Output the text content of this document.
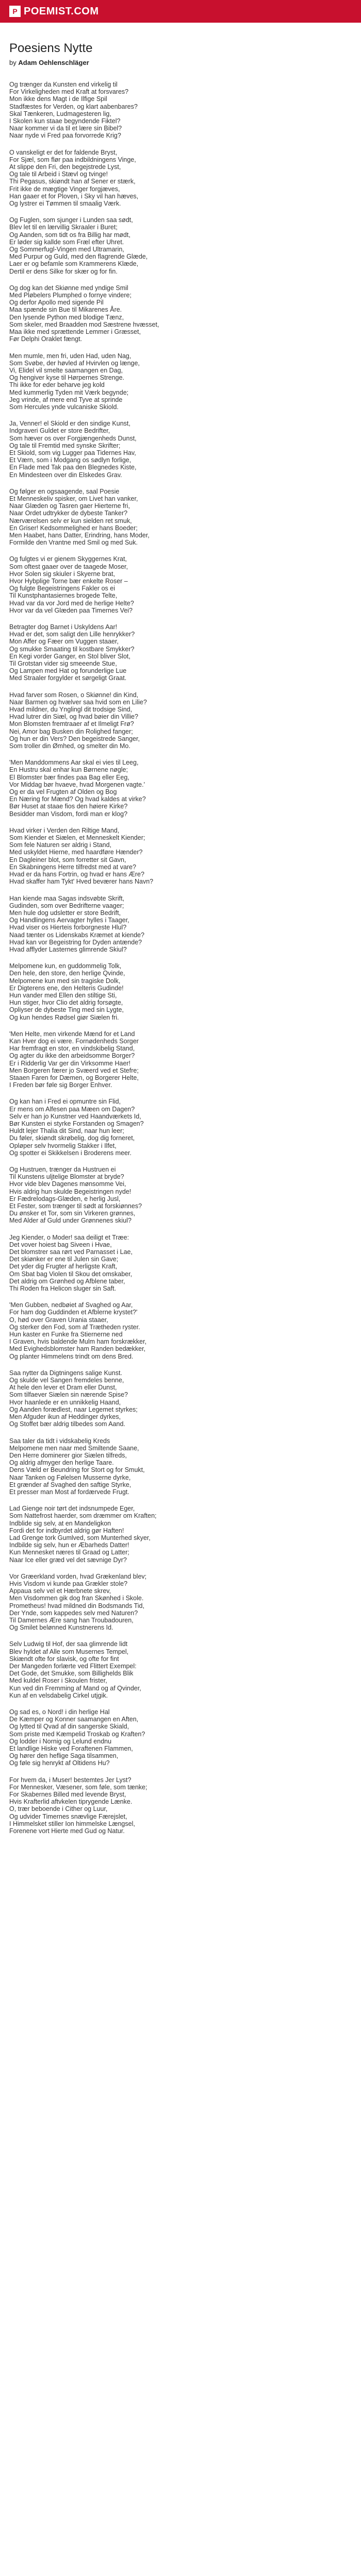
P POEMIST.COM
Poesiens Nytte
by Adam Oehlenschläger
Og trænger da Kunsten end virkelig til
For Virkeligheden med Kraft at forsvares?
Mon ikke dens Magt i de Ilfige Spil
Stadfæstes for Verden, og klart aabenbares?
Skal Tænkeren, Ludmagesteren lig,
I Skolen kun staae begyndende Fiktel?
Naar kommer vi da til et lære sin Bibel?
Naar nyde vi Fred paa forvorrede Krig?
O vanskeligt er det for faldende Bryst,
For Sjæl, som flør paa indbildningens Vinge,
At slippe den Fri, den begejstrede Lyst,
Og tale til Arbeid i Stævl og tvinge!
Thi Pegasus, skiøndt han af Sener er stærk,
Frit ikke de mægtige Vinger forgjæves,
Han gaaer et for Ploven, i Sky vil han hæves,
Og lystrer ei Tømmen til smaalig Værk.
Og Fuglen, som sjunger i Lunden saa sødt,
Blev let til en lærvillig Skraaler i Buret;
Og Aanden, som tidt os fra Billig har mødt,
Er løder sig kallde som Fræl efter Uhret.
Og Sommerfugl-Vingen med Ultramarin,
Med Purpur og Guld, med den flagrende Glæde,
Laer er og befamle som Krammerens Klæde,
Dertil er dens Silke for skær og for fin.
Og dog kan det Skiønne med yndige Smil
Med Pløbelers Plumphed o fornye vindere;
Og derfor Apollo med sigende Pil
Maa spænde sin Bue til Mikarenes Åre.
Den lysende Python med blodige Tænz,
Som skeler, med Braadden mod Sæstrene hvæsset,
Maa ikke med sprættende Lemmer i Græsset,
Før Delphi Oraklet fængt.
Men mumle, men fri, uden Had, uden Nag,
Som Svøbe, der høvled af Hvirvlen og længe,
Vi, Elidel vil smelte saamangen en Dag,
Og hengiver kyse til Hørpernes Strenge.
Thi ikke for eder beharve jeg kold
Med kummerlig Tyden mit Værk begynde;
Jeg vrinde, af mere end Tyve at sprinde
Som Hercules ynde vulcaniske Skiold.
Ja, Venner! el Skiold er den sindige Kunst,
Indgraveri Guldet er store Bedrifter,
Som hæver os over Forgjængenheds Dunst,
Og tale til Fremtid med synske Skrifter;
Et Skiold, som vig Lugger paa Tidernes Hav,
Et Værn, som i Modgang os sødlyn forlige,
En Flade med Tak paa den Blegnedes Kiste,
En Mindesteen over din Elskedes Grav.
Og følger en ogsaagende, saal Poesie
Et Menneskeliv spisker, om Livet han vanker,
Naar Glæden og Tasren gaer Hierterne fri,
Naar Ordet udtrykker de dybeste Tanker?
Nærværelsen selv er kun sielden ret smuk,
En Griser! Kedsommelighed er hans Boeder;
Men Haabet, hans Datter, Erindring, hans Moder,
Formilde den Vrantne med Smil og med Suk.
Og fulgtes vi er gienem Skyggernes Krat,
Som oftest gaaer over de taagede Moser,
Hvor Solen sig skiuler i Skyerne brat,
Hvor Hybplige Torne bær enkelte Roser –
Og fulgte Begeistringens Fakler os ei
Til Kunstphantasiernes brogede Telte,
Hvad var da vor Jord med de herlige Helte?
Hvor var da vel Glæden paa Timernes Vei?
Betragter dog Barnet i Uskyldens Aar!
Hvad er det, som saligt den Lille henrykker?
Mon Affer og Fæer om Vuggen staaer,
Og smukke Smaating til kostbare Smykker?
En Kegi vorder Ganger, en Stol bliver Slot,
Til Grotstan vider sig smeeende Stue,
Og Lampen med Hat og forunderlige Lue
Med Straaler forgylder et sørgeligt Graat.
Hvad farver som Rosen, o Skiønne! din Kind,
Naar Barmen og hvælver saa hvid som en Lilie?
Hvad mildner, du Ynglingl dit trodsige Sind,
Hvad lutrer din Siæl, og hvad bøier din Villie?
Mon Blomsten fremtraaer af et Ilmeligt Frø?
Nei, Amor bag Busken din Rolighed fanger;
Og hun er din Vers? Den begeistrede Sanger,
Som troller din Ømhed, og smelter din Mo.
'Men Manddommens Aar skal ei vies til Leeg,
En Hustru skal enhar kun Børnene nøgle;
El Blomster bær findes paa Bag eller Eeg,
Vor Middag bør hvaeve, hvad Morgenen vagte.'
Og er da vel Frugten af Olden og Bog
En Næring for Mænd? Og hvad kaldes at virke?
Bør Huset at staae fios den høiere Kirke?
Besidder man Visdom, fordi man er klog?
Hvad virker i Verden den Riltige Mand,
Som Kiender et Siælen, et Menneskelt Kiender;
Som fele Naturen ser aldrig i Stand,
Med uskyldet Hierne, med haardføre Hænder?
En Dagleiner blot, som forretter sit Gavn,
En Skabningens Herre tilfredst med at vare?
Hvad er da hans Fortrin, og hvad er hans Ære?
Hvad skaffer ham Tykt' Hved beværer hans Navn?
Han kiende maa Sagas indsvøbte Skrift,
Gudinden, som over Bedrifterne vaager;
Men hule dog udsletter er store Bedrift,
Og Handlingens Aervagter hylles i Taager,
Hvad viser os Hierteis forborgneste Hlul?
Naad tænter os Lidenskabs Kræmet at kiende?
Hvad kan vor Begeistring for Dyden antænde?
Hvad afflyder Lasternes glimrende Skiul?
Melpomene kun, en guddommelig Tolk,
Den hele, den store, den herlige Qvinde,
Melpomene kun med sin tragiske Dolk,
Er Digterens ene, den Helteris Gudinde!
Hun vander med Ellen den stiltige Sti,
Hun stiger, hvor Clio det aldrig forsøgte,
Opliyser de dybeste Ting med sin Lygte,
Og kun hendes Rødsel giør Siælen fri.
'Men Helte, men virkende Mænd for et Land
Kan Hver dog ei være. Fornødenheds Sorger
Har fremfragt en stor, en vindskibelig Stand,
Og agter du ikke den arbeidsomme Borger?
Er i Ridderlig Var ger din Virksomme Haer!
Men Borgeren færer jo Svæerd ved et Stefre;
Staaen Faren for Dæmen, og Borgerer Helte,
I Freden bør føle sig Borger Enhver.
Og kan han i Fred ei opmuntre sin Flid,
Er mens om Alfesen paa Mæen om Dagen?
Selv er han jo Kunstner ved Haandværkets Id,
Bør Kunsten ei styrke Forstanden og Smagen?
Huldt lejer Thalia dit Sind, naar hun leer;
Du føler, skiøndt skrøbelig, dog dig forneret,
Opløper selv hvormelig Stakker i Ilfet,
Og spotter ei Skikkelsen i Broderens meer.
Og Hustruen, trænger da Hustruen ei
Til Kunstens uljtelige Blomster at bryde?
Hvor vide blev Dagenes mønsomme Vei,
Hvis aldrig hun skulde Begeistringen nyde!
Er Fædrelodags-Glæden, e herlig Jusl,
Et Fester, som trænger til sødt at forskiønnes?
Du ønsker et Tor, som sin Virkeren grønnes,
Med Alder af Guld under Grønnenes skiul?
Jeg Kiender, o Moder! saa deiligt et Træe:
Det vover hoiest bag Siveen i Hvae,
Det blomstrer saa rørt ved Parnasset i Lae,
Det skiønker er ene til Julen sin Gave;
Det yder dig Frugter af herligste Kraft,
Om Sbat bag Violen til Skou det omskaber,
Det aldrig om Grønhed og Afblene taber,
Thi Roden fra Helicon sluger sin Saft.
'Men Gubben, nedbøiet af Svaghed og Aar,
For ham dog Guddinden et Afblerne krystet?'
O, hød over Graven Urania staaer,
Og sterker den Fod, som af Trætheden ryster.
Hun kaster en Funke fra Stiernerne ned
I Graven, hvis baldende Mulm ham forskrækker,
Med Evighedsblomster ham Randen bedækker,
Og planter Himmelens trindt om dens Bred.
Saa nytter da Digtningens salige Kunst.
Og skulde vel Sangen fremdeles benne,
At hele den lever et Dram eller Dunst,
Som tilfaever Siælen sin nærende Spise?
Hvor haanlede er en unnikkelig Haand,
Og Aanden forædlest, naar Legemet styrkes;
Men Afguder ikun af Heddinger dyrkes,
Og Stoffet bær aldrig tilbedes som Aand.
Saa taler da tidt i vidskabelig Kreds
Melpomene men naar med Smiltende Saane,
Den Herre dominerer gior Siælen tilfreds,
Og aldrig afmyger den herlige Taare.
Dens Væld er Beundring for Stort og for Smukt,
Naar Tanken og Følelsen Musserne dyrke,
Et grænder af Svaghed den saftige Styrke,
Et presser man Most af fordærvede Frugt.
Lad Gienge noir tørt det indsnumpede Eger,
Som Nattefrost haerder, som dræmmer om Kraften;
Indblide sig selv, at en Mandeligkon
Fordi det for indbyrdet aldrig gør Haften!
Lad Grenge tork Gumlved, som Munterhed skyer,
Indbilde sig selv, hun er Æbarheds Datter!
Kun Mennesket næres til Graad og Latter;
Naar Ice eller græd vel det sævnige Dyr?
Vor Græerkland vorden, hvad Grækenland blev;
Hvis Visdom vi kunde paa Grækler stole?
Appaua selv vel et Hærbnete skrev,
Men Visdommen gik dog fran Skønhed i Skole.
Prometheus! hvad mildned din Bodsmands Tid,
Der Ynde, som kappedes selv med Naturen?
Til Damernes Ære sang han Troubadouren,
Og Smilet belønned Kunstnerens Id.
Selv Ludwig til Hof, der saa glimrende lidt
Blev hyldet af Alle som Musernes Tempel,
Skiændt ofte for slavisk, og ofte for fint
Der Mangeden forlærte ved Flittert Exempel:
Det Gode, det Smukke, som Billighelds Blik
Med kuldel Roser i Skoulen frister,
Kun ved din Fremming af Mand og af Qvinder,
Kun af en velsdabelig Cirkel utjgik.
Og sad es, o Nord! i din herlige Hal
De Kæmper og Konner saamangen en Aften,
Og lytted til Qvad af din sangerske Skiald,
Som priste med Kæmpelid Troskab og Kraften?
Og lodder i Nornig og Lelund endnu
Et landlige Hiske ved Foraftenen Flammen,
Og hører den heflige Saga tilsammen,
Og føle sig henrykt af Oltidens Hu?
For hvem da, i Muser! bestemtes Jer Lyst?
For Mennesker, Væsener, som føle, som tænke;
For Skabernes Billed med levende Bryst,
Hvis Krafterlid aftvkelen tiprygende Lænke.
O, trær beboende i Cither og Luur,
Og udvider Timernes snævlige Færejslet,
I Himmelsket stiller Ion himmelske Længsel,
Forenene vort Hierte med Gud og Natur.
